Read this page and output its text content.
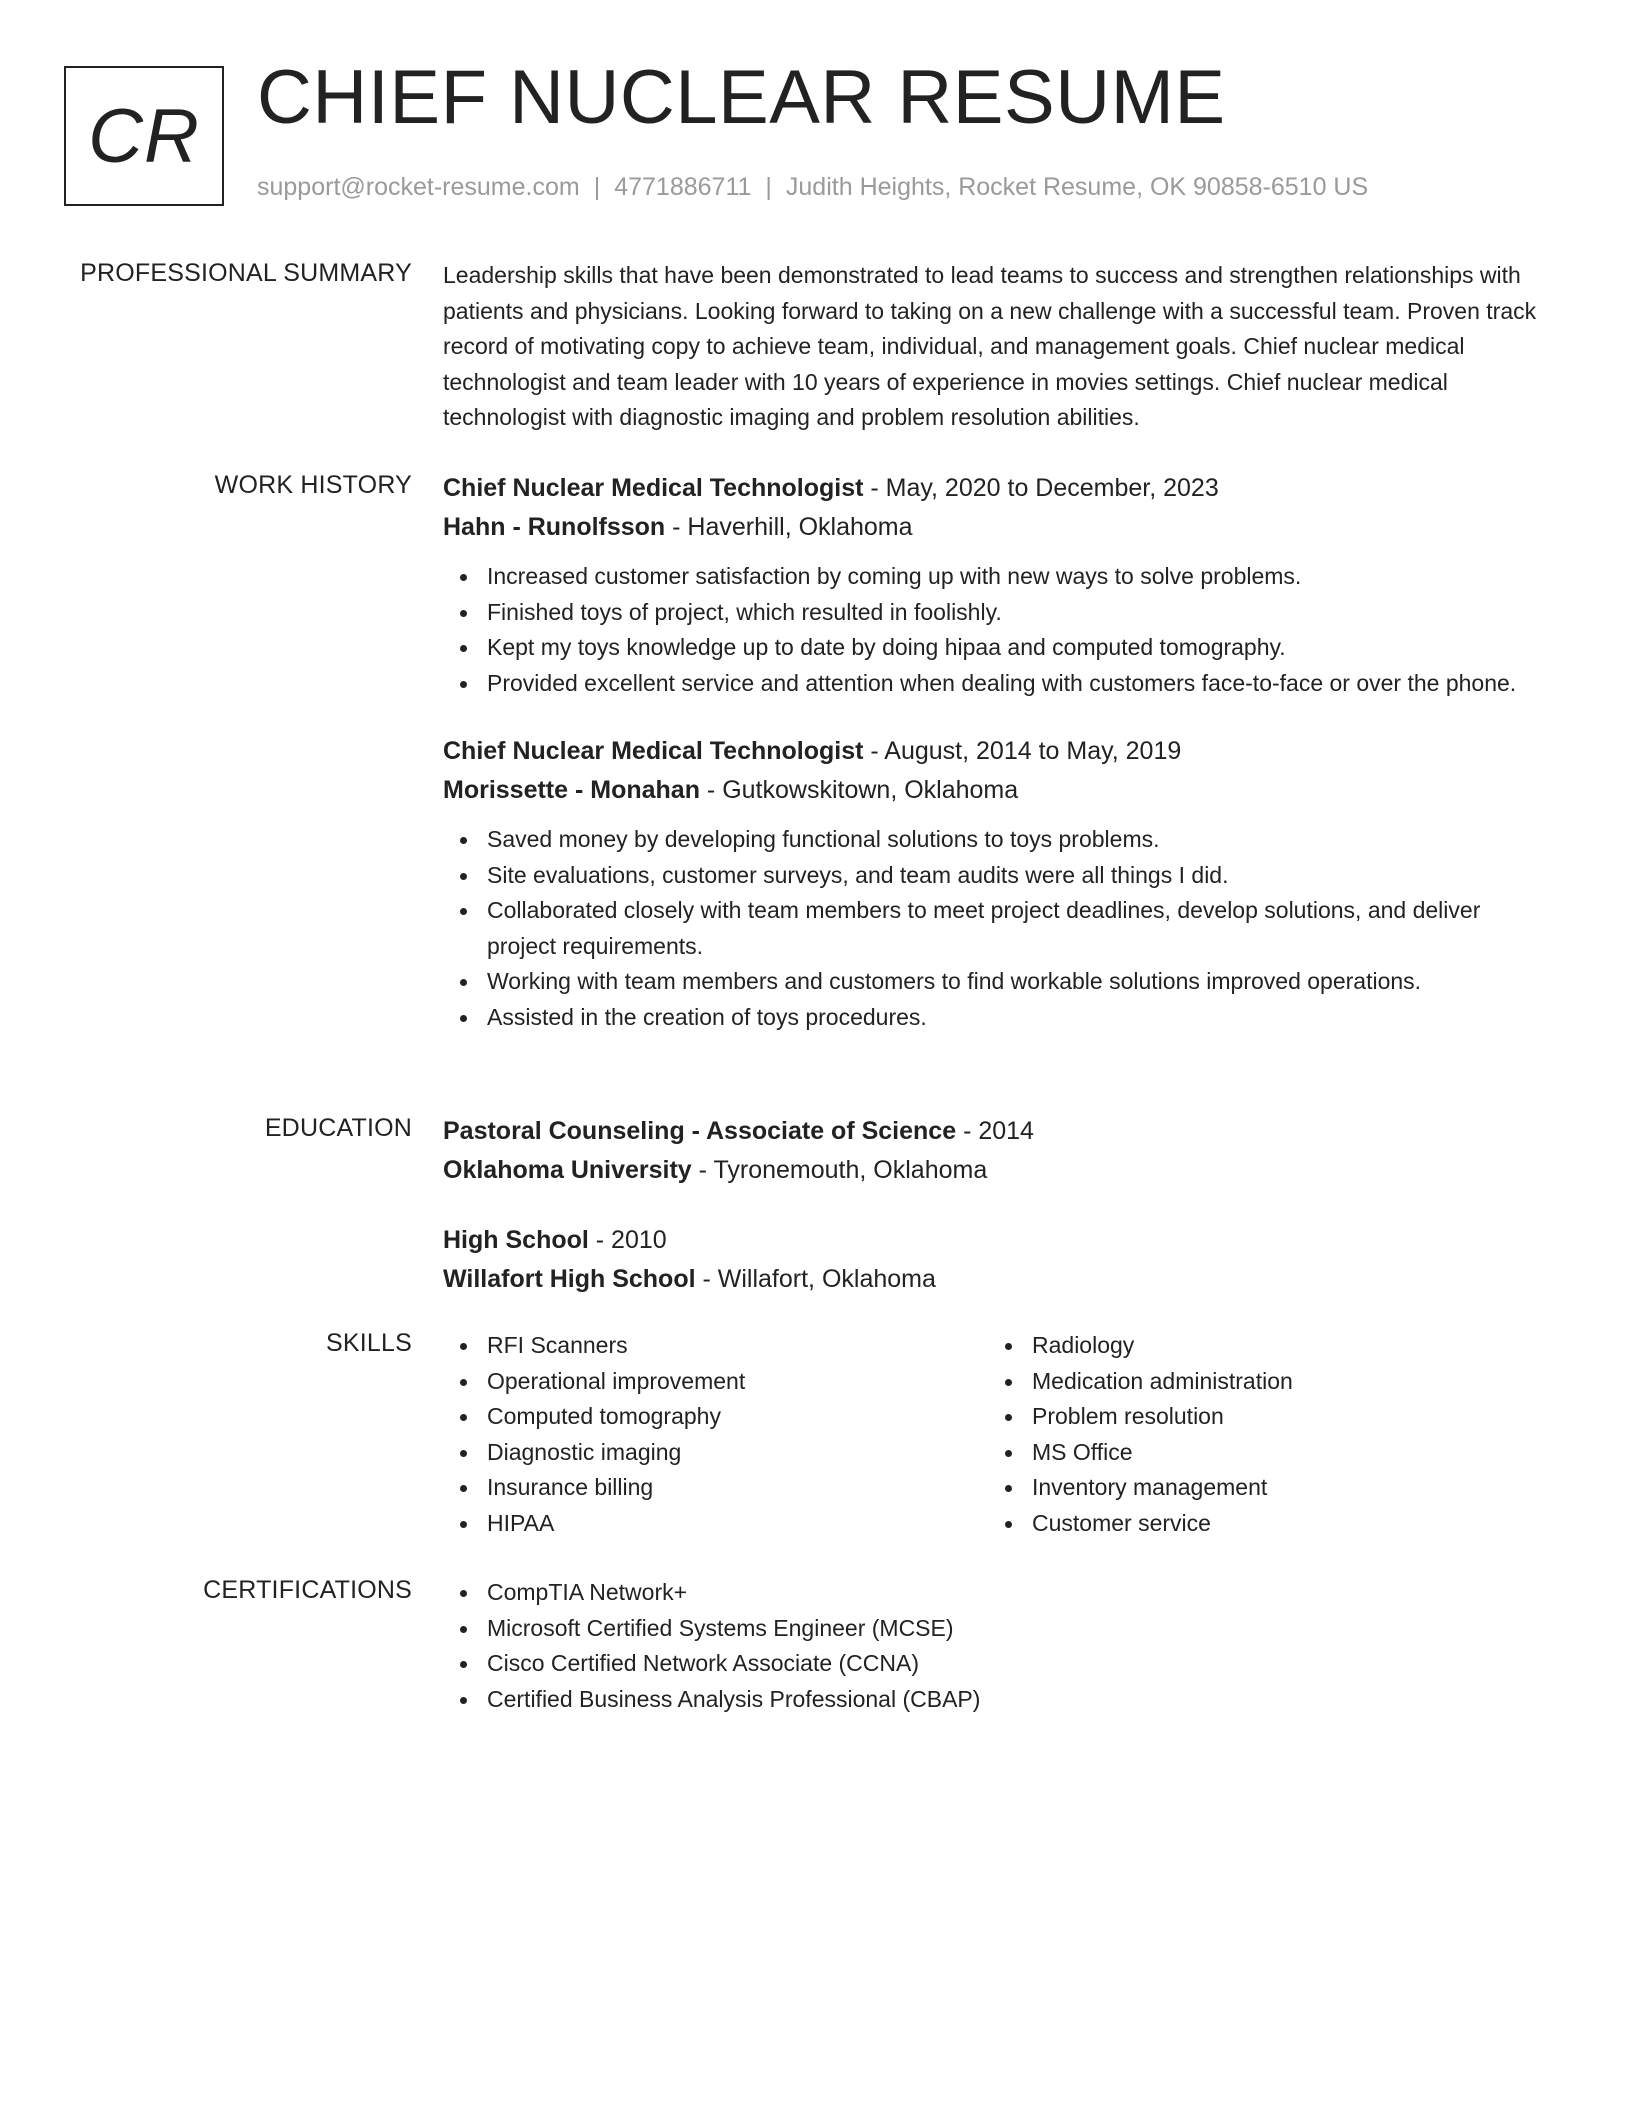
CR CHIEF NUCLEAR RESUME
support@rocket-resume.com | 4771886711 | Judith Heights, Rocket Resume, OK 90858-6510 US
PROFESSIONAL SUMMARY Leadership skills that have been demonstrated to lead teams to success and strengthen relationships with patients and physicians. Looking forward to taking on a new challenge with a successful team. Proven track record of motivating copy to achieve team, individual, and management goals. Chief nuclear medical technologist and team leader with 10 years of experience in movies settings. Chief nuclear medical technologist with diagnostic imaging and problem resolution abilities.

WORK HISTORY Chief Nuclear Medical Technologist - May, 2020 to December, 2023

Hahn - Runolfsson - Haverhill, Oklahoma

Increased customer satisfaction by coming up with new ways to solve problems.
Finished toys of project, which resulted in foolishly.
Kept my toys knowledge up to date by doing hipaa and computed tomography.
Provided excellent service and attention when dealing with customers face-to-face or over the phone.

Chief Nuclear Medical Technologist - August, 2014 to May, 2019

Morissette - Monahan - Gutkowskitown, Oklahoma

Saved money by developing functional solutions to toys problems.
Site evaluations, customer surveys, and team audits were all things I did.
Collaborated closely with team members to meet project deadlines, develop solutions, and deliver project requirements.
Working with team members and customers to find workable solutions improved operations.
Assisted in the creation of toys procedures.
EDUCATION Pastoral Counseling - Associate of Science - 2014

Oklahoma University - Tyronemouth, Oklahoma

High School - 2010

Willafort High School - Willafort, Oklahoma

SKILLS	RFI Scanners
Operational improvement
Computed tomography
Diagnostic imaging
Insurance billing
HIPAA
Radiology
Medication administration
Problem resolution
MS Office
Inventory management
Customer service
CERTIFICATIONS	CompTIA Network+
Microsoft Certified Systems Engineer (MCSE)
Cisco Certified Network Associate (CCNA)
Certified Business Analysis Professional (CBAP)
